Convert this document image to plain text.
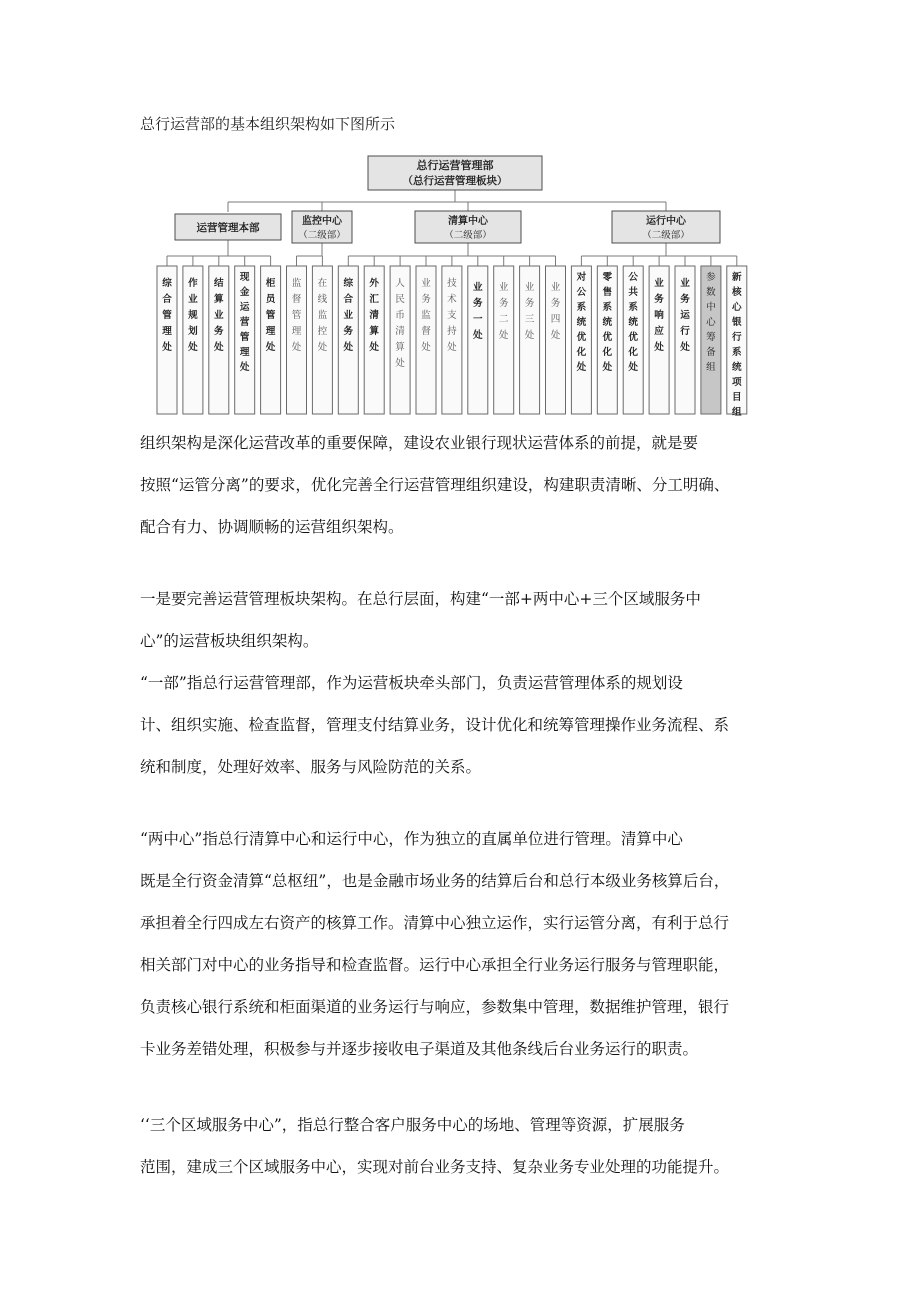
总行运营部的基本组织架构如下图所示

总行运营管理部
（总行运营管理板块）
运营管理本部
监控中心
（二级部）
清算中心
（二级部）
运行中心
（二级部）
综合管理处
作业规划处
结算业务处
现金运营管理处
柜员管理处
监督管理处
在线监控处
综合业务处
外汇清算处
人民币清算处
业务监督处
技术支持处
业务一处
业务二处
业务三处
业务四处
对公系统优化处
零售系统优化处
公共系统优化处
业务响应处
业务运行处
参数中心筹备组
新核心银行系统项目组

组织架构是深化运营改革的重要保障，建设农业银行现状运营体系的前提，就是要
按照“运管分离”的要求，优化完善全行运营管理组织建设，构建职责清晰、分工明确、
配合有力、协调顺畅的运营组织架构。

一是要完善运营管理板块架构。在总行层面，构建“一部+两中心+三个区域服务中
心”的运营板块组织架构。

“一部”指总行运营管理部，作为运营板块牵头部门，负责运营管理体系的规划设
计、组织实施、检查监督，管理支付结算业务，设计优化和统筹管理操作业务流程、系
统和制度，处理好效率、服务与风险防范的关系。

“两中心”指总行清算中心和运行中心，作为独立的直属单位进行管理。清算中心
既是全行资金清算“总枢纽”，也是金融市场业务的结算后台和总行本级业务核算后台，
承担着全行四成左右资产的核算工作。清算中心独立运作，实行运管分离，有利于总行
相关部门对中心的业务指导和检查监督。运行中心承担全行业务运行服务与管理职能，
负责核心银行系统和柜面渠道的业务运行与响应，参数集中管理，数据维护管理，银行
卡业务差错处理，积极参与并逐步接收电子渠道及其他条线后台业务运行的职责。

‘‘三个区域服务中心”，指总行整合客户服务中心的场地、管理等资源，扩展服务
范围，建成三个区域服务中心，实现对前台业务支持、复杂业务专业处理的功能提升。
